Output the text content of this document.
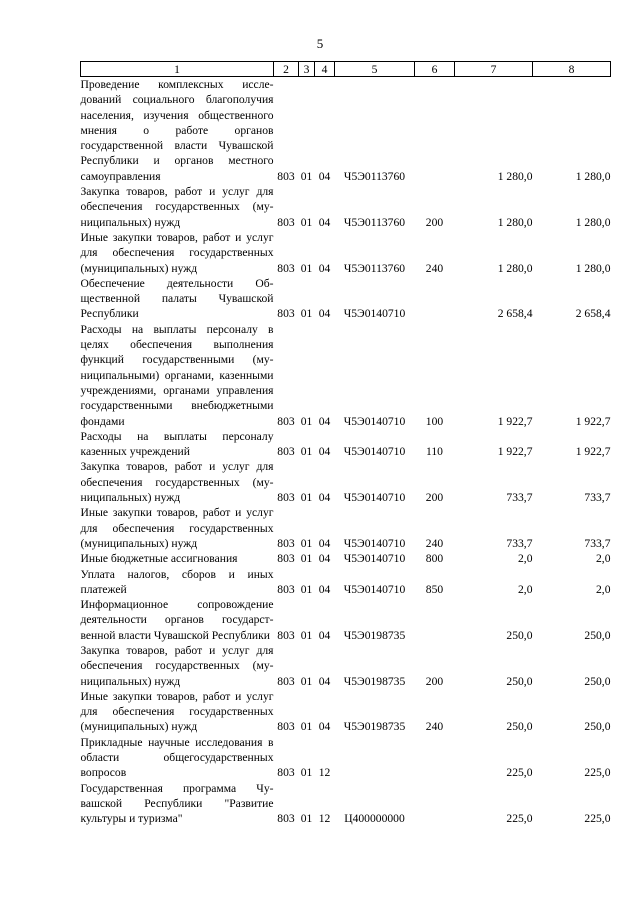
5
1	2	3	4	5	6	7	8
Проведение комплексных исследований социального благополучия населения, изучения общественного мнения о работе органов государственной власти Чувашской Республики и органов местного самоуправления	803	01	04	Ч5Э0113760		1 280,0	1 280,0
Закупка товаров, работ и услуг для обеспечения государственных (муниципальных) нужд	803	01	04	Ч5Э0113760	200	1 280,0	1 280,0
Иные закупки товаров, работ и услуг для обеспечения государственных (муниципальных) нужд	803	01	04	Ч5Э0113760	240	1 280,0	1 280,0
Обеспечение деятельности Общественной палаты Чувашской Республики	803	01	04	Ч5Э0140710		2 658,4	2 658,4
Расходы на выплаты персоналу в целях обеспечения выполнения функций государственными (муниципальными) органами, казенными учреждениями, органами управления государственными внебюджетными фондами	803	01	04	Ч5Э0140710	100	1 922,7	1 922,7
Расходы на выплаты персоналу казенных учреждений	803	01	04	Ч5Э0140710	110	1 922,7	1 922,7
Закупка товаров, работ и услуг для обеспечения государственных (муниципальных) нужд	803	01	04	Ч5Э0140710	200	733,7	733,7
Иные закупки товаров, работ и услуг для обеспечения государственных (муниципальных) нужд	803	01	04	Ч5Э0140710	240	733,7	733,7
Иные бюджетные ассигнования	803	01	04	Ч5Э0140710	800	2,0	2,0
Уплата налогов, сборов и иных платежей	803	01	04	Ч5Э0140710	850	2,0	2,0
Информационное сопровождение деятельности органов государственной власти Чувашской Республики	803	01	04	Ч5Э0198735		250,0	250,0
Закупка товаров, работ и услуг для обеспечения государственных (муниципальных) нужд	803	01	04	Ч5Э0198735	200	250,0	250,0
Иные закупки товаров, работ и услуг для обеспечения государственных (муниципальных) нужд	803	01	04	Ч5Э0198735	240	250,0	250,0
Прикладные научные исследования в области общегосударственных вопросов	803	01	12			225,0	225,0
Государственная программа Чувашской Республики "Развитие культуры и туризма"	803	01	12	Ц400000000		225,0	225,0
